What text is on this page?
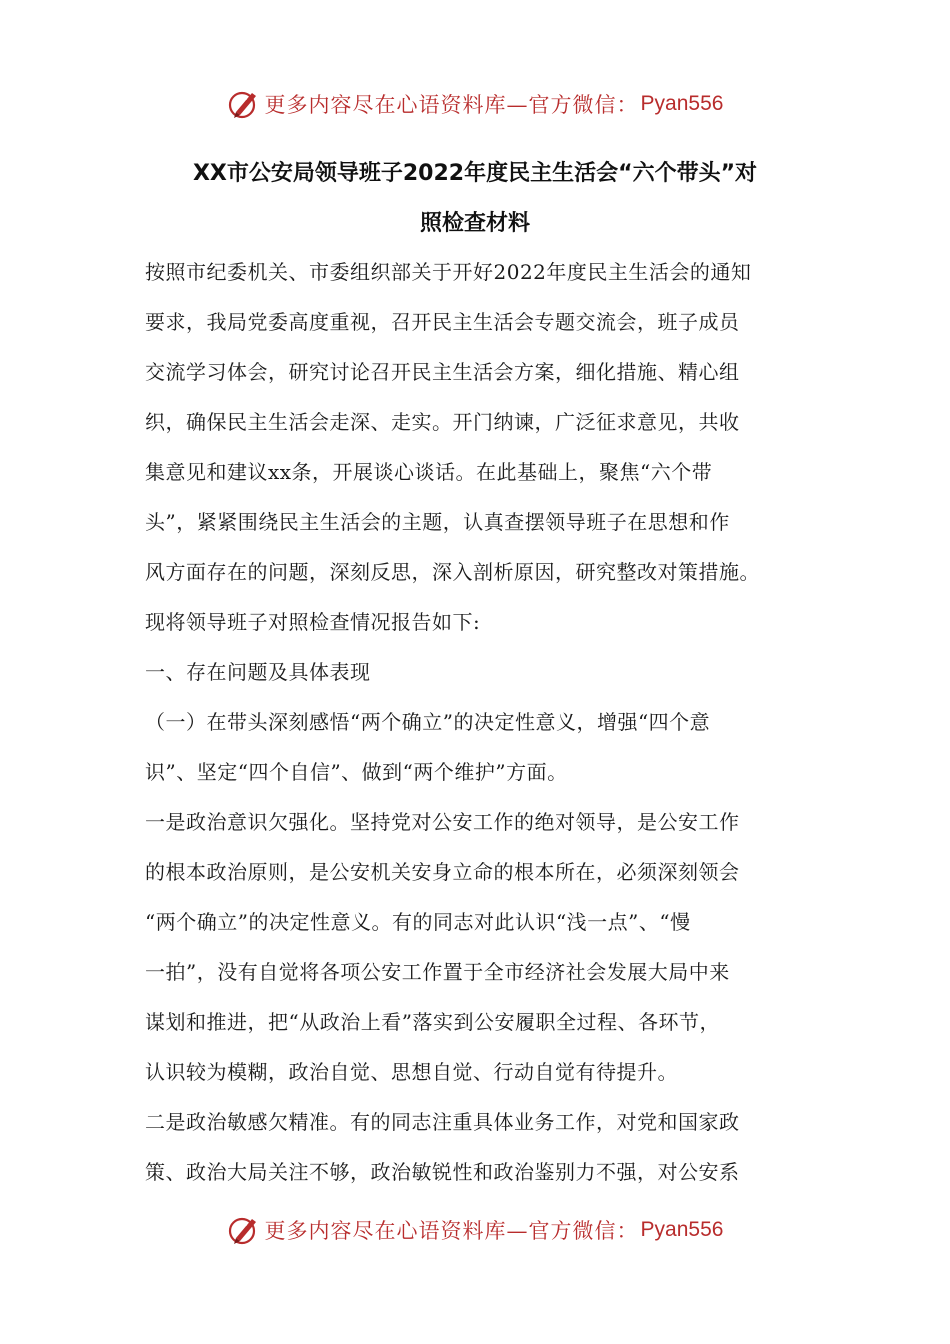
更多内容尽在心语资料库—官方微信： Pyan556
XX市公安局领导班子2022年度民主生活会“六个带头”对
照检查材料
按照市纪委机关、市委组织部关于开好2022年度民主生活会的通知
要求，我局党委高度重视，召开民主生活会专题交流会，班子成员
交流学习体会，研究讨论召开民主生活会方案，细化措施、精心组
织，确保民主生活会走深、走实。开门纳谏，广泛征求意见，共收
集意见和建议xx条，开展谈心谈话。在此基础上，聚焦“六个带
头”，紧紧围绕民主生活会的主题，认真查摆领导班子在思想和作
风方面存在的问题，深刻反思，深入剖析原因，研究整改对策措施。
现将领导班子对照检查情况报告如下:
一、存在问题及具体表现
（一）在带头深刻感悟“两个确立”的决定性意义，增强“四个意
识”、坚定“四个自信”、做到“两个维护”方面。
一是政治意识欠强化。坚持党对公安工作的绝对领导，是公安工作
的根本政治原则，是公安机关安身立命的根本所在，必须深刻领会
“两个确立”的决定性意义。有的同志对此认识“浅一点”、“慢
一拍”，没有自觉将各项公安工作置于全市经济社会发展大局中来
谋划和推进，把“从政治上看”落实到公安履职全过程、各环节，
认识较为模糊，政治自觉、思想自觉、行动自觉有待提升。
二是政治敏感欠精准。有的同志注重具体业务工作，对党和国家政
策、政治大局关注不够，政治敏锐性和政治鉴别力不强，对公安系
更多内容尽在心语资料库—官方微信： Pyan556
